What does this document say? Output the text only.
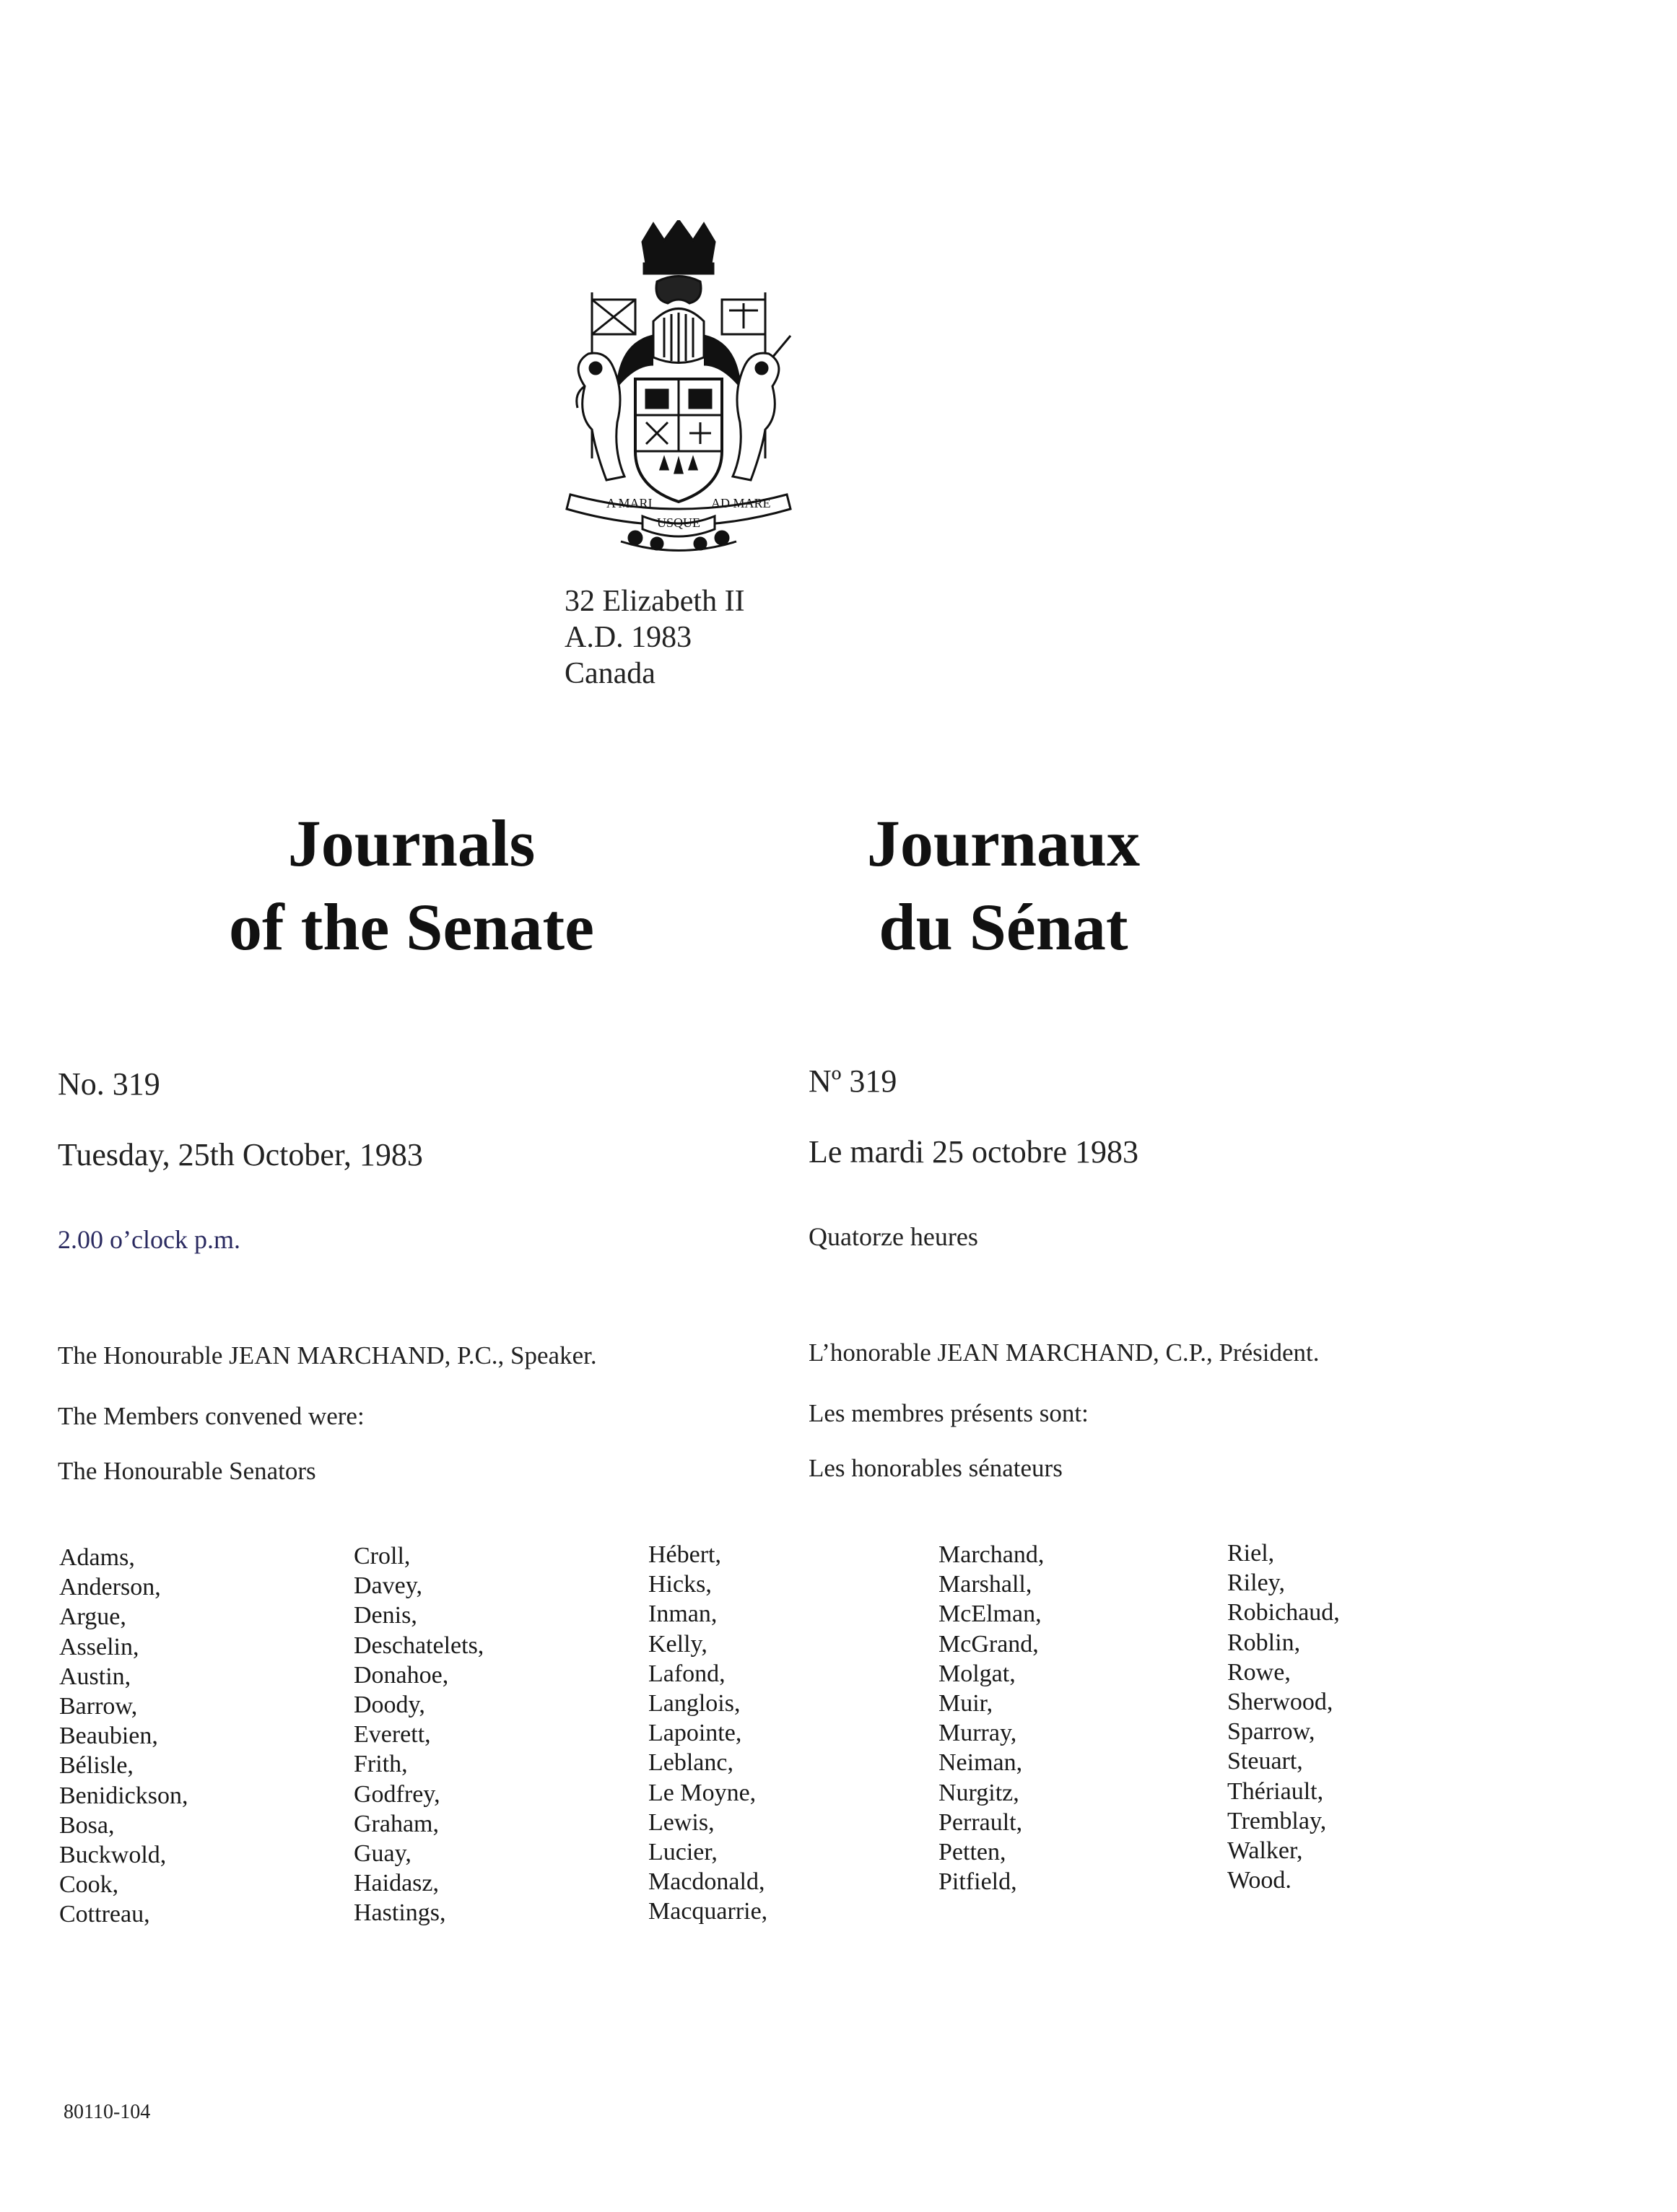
A MARI	AD MARE
USQUE
32 Elizabeth II
A.D. 1983
Canada
Journals
of the Senate
Journaux
du Sénat
No. 319	Nº 319
Tuesday, 25th October, 1983	Le mardi 25 octobre 1983
2.00 o’clock p.m.	Quatorze heures
The Honourable JEAN MARCHAND, P.C., Speaker.	L’honorable JEAN MARCHAND, C.P., Président.
The Members convened were:	Les membres présents sont:
The Honourable Senators	Les honorables sénateurs
Adams,
Anderson,
Argue,
Asselin,
Austin,
Barrow,
Beaubien,
Bélisle,
Benidickson,
Bosa,
Buckwold,
Cook,
Cottreau,
Croll,
Davey,
Denis,
Deschatelets,
Donahoe,
Doody,
Everett,
Frith,
Godfrey,
Graham,
Guay,
Haidasz,
Hastings,
Hébert,
Hicks,
Inman,
Kelly,
Lafond,
Langlois,
Lapointe,
Leblanc,
Le Moyne,
Lewis,
Lucier,
Macdonald,
Macquarrie,
Marchand,
Marshall,
McElman,
McGrand,
Molgat,
Muir,
Murray,
Neiman,
Nurgitz,
Perrault,
Petten,
Pitfield,
Riel,
Riley,
Robichaud,
Roblin,
Rowe,
Sherwood,
Sparrow,
Steuart,
Thériault,
Tremblay,
Walker,
Wood.
80110-104
